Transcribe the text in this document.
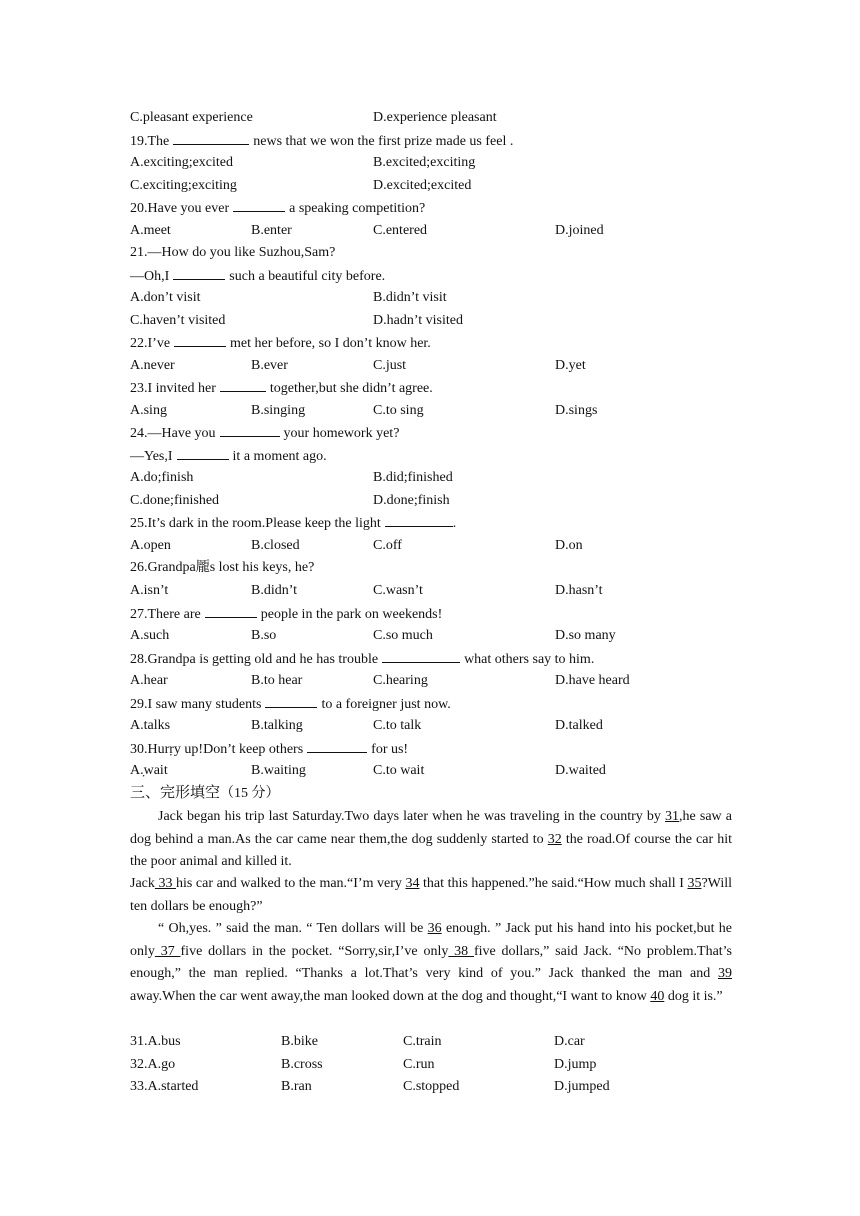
C.pleasant experience	D.experience pleasant
19.The	news that we won the first prize made us feel .
A.exciting;excited	B.excited;exciting
C.exciting;exciting	D.excited;excited
20.Have you ever	a speaking competition?
A.meet	B.enter	C.entered	D.joined
21.—How do you like Suzhou,Sam?
—Oh,I	such a beautiful city before.
A.don’t visit	B.didn’t visit
C.haven’t visited	D.hadn’t visited
22.I’ve	met her before, so I don’t know her.
A.never	B.ever	C.just	D.yet
23.I invited her	together,but she didn’t agree.
A.sing	B.singing	C.to sing	D.sings
24.—Have you	your homework yet?
—Yes,I	it a moment ago.
A.do;finish	B.did;finished
C.done;finished	D.done;finish
25.It’s dark in the room.Please keep the light	.
A.open	B.closed	C.off	D.on
26.Grandpa龎s lost his keys, he?
A.isn’t	B.didn’t	C.wasn’t	D.hasn’t
27.There are	people in the park on weekends!
A.such	B.so	C.so much	D.so many
28.Grandpa is getting old and he has trouble	what others say to him.
A.hear	B.to hear	C.hearing	D.have heard
29.I saw many students	to a foreigner just now.
A.talks	B.talking	C.to talk	D.talked
30.Hurṛy up!Don’t keep others	for us!
A.̣wait	B.waiting	C.to wait	D.waited
三、完形填空（15 分）
Jack began his trip last Saturday.Two days later when he was traveling in the country by 31,he saw a dog behind a man.As the car came near them,the dog suddenly started to 32 the road.Of course the car hit the poor animal and killed it.
Jack 33 his car and walked to the man.“I’m very 34 that this happened.”he said.“How much shall I 35?Will ten dollars be enough?”
“ Oh,yes. ” said the man. “ Ten dollars will be 36 enough. ” Jack put his hand into his pocket,but he only 37 five dollars in the pocket. “Sorry,sir,I’ve only 38 five dollars,” said Jack. “No problem.That’s enough,” the man replied. “Thanks a lot.That’s very kind of you.” Jack thanked the man and 39 away.When the car went away,the man looked down at the dog and thought,“I want to know 40 dog it is.”
31.A.bus	B.bike	C.train	D.car
32.A.go	B.cross	C.run	D.jump
33.A.started	B.ran	C.stopped	D.jumped
